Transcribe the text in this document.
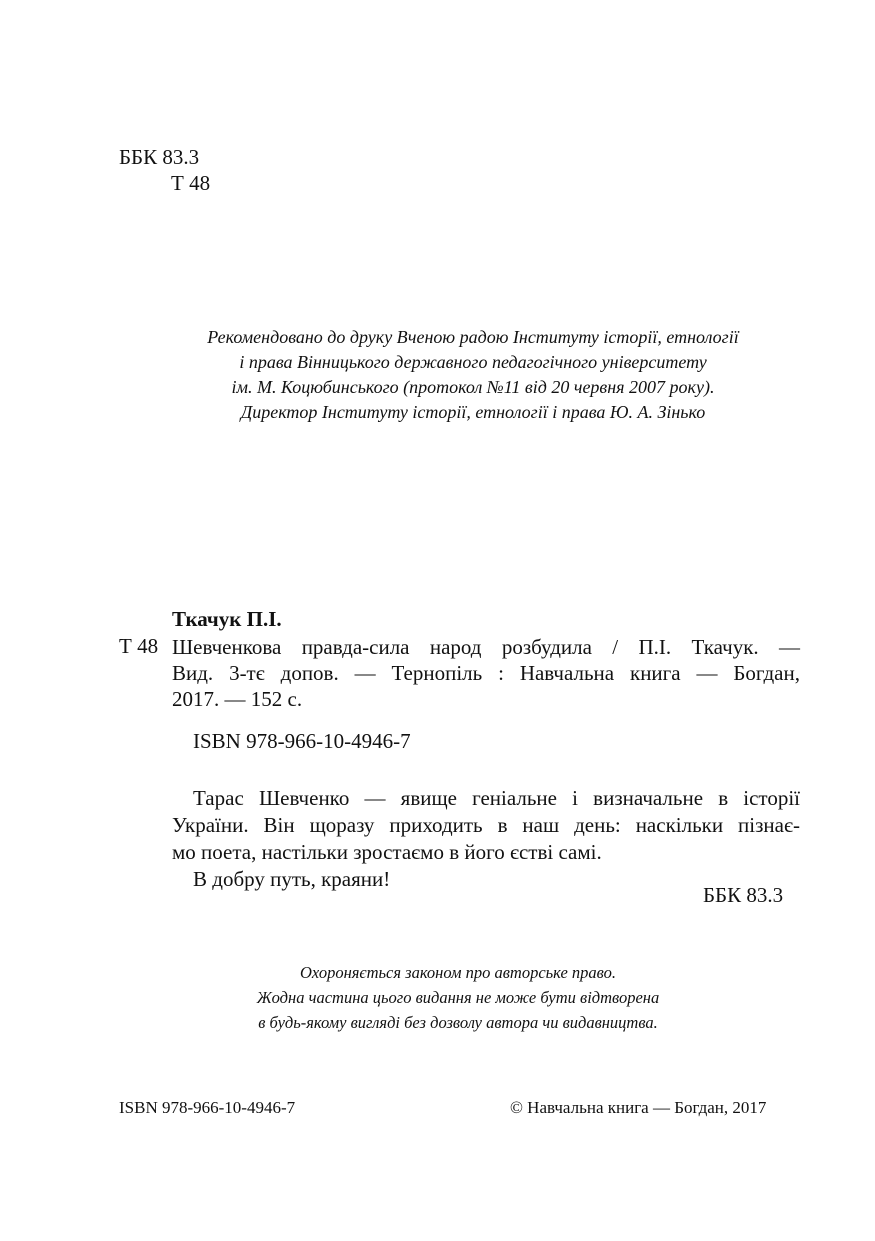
ББК 83.3
Т 48
Рекомендовано до друку Вченою радою Інституту історії, етнології
і права Вінницького державного педагогічного університету
ім. М. Коцюбинського (протокол №11 від 20 червня 2007 року).
Директор Інституту історії, етнології і права Ю. А. Зінько
Ткачук П.І.
Т 48 Шевченкова правда-сила народ розбудила / П.І. Ткачук. —
Вид. 3-тє допов. — Тернопіль : Навчальна книга — Богдан,
2017. — 152 с.
ISBN 978-966-10-4946-7
Тарас Шевченко — явище геніальне і визначальне в історії
України. Він щоразу приходить в наш день: наскільки пізнає-
мо поета, настільки зростаємо в його єстві самі.
В добру путь, краяни!
ББК 83.3
Охороняється законом про авторське право.
Жодна частина цього видання не може бути відтворена
в будь-якому вигляді без дозволу автора чи видавництва.
ISBN 978-966-10-4946-7	© Навчальна книга — Богдан, 2017
